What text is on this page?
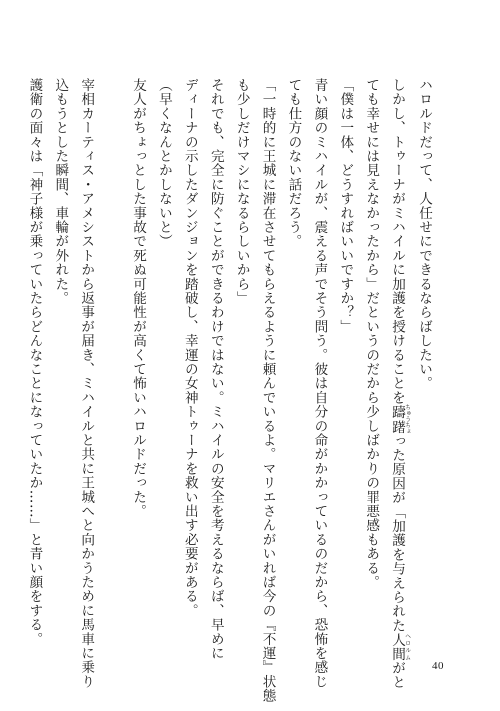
ハロルドだって、人任せにできるならばしたい。

しかし、トゥーナがミハイルに加護を授けることを躊躇ちゅうちょった原因が「加護を与えられた人間ヘロルムがと

ても幸せには見えなかったから」だというのだから少しばかりの罪悪感もある。

「僕は一体、どうすればいいですか？」

青い顔のミハイルが、震える声でそう問う。彼は自分の命がかかっているのだから、恐怖を感じ

ても仕方のない話だろう。

「一時的に王城に滞在させてもらえるように頼んでいるよ。マリエさんがいれば今の『不運』状態

も少しだけマシになるらしいから」

それでも、完全に防ぐことができるわけではない。ミハイルの安全を考えるならば、早めに

ディーナの示したダンジョンを踏破し、幸運の女神トゥーナを救い出す必要がある。

（早くなんとかしないと）

友人がちょっとした事故で死ぬ可能性が高くて怖いハロルドだった。

宰相カーティス・アメシストから返事が届き、ミハイルと共に王城へと向かうために馬車に乗り

込もうとした瞬間、車輪が外れた。

護衛の面々は「神子様が乗っていたらどんなことになっていたか……」と青い顔をする。

40
